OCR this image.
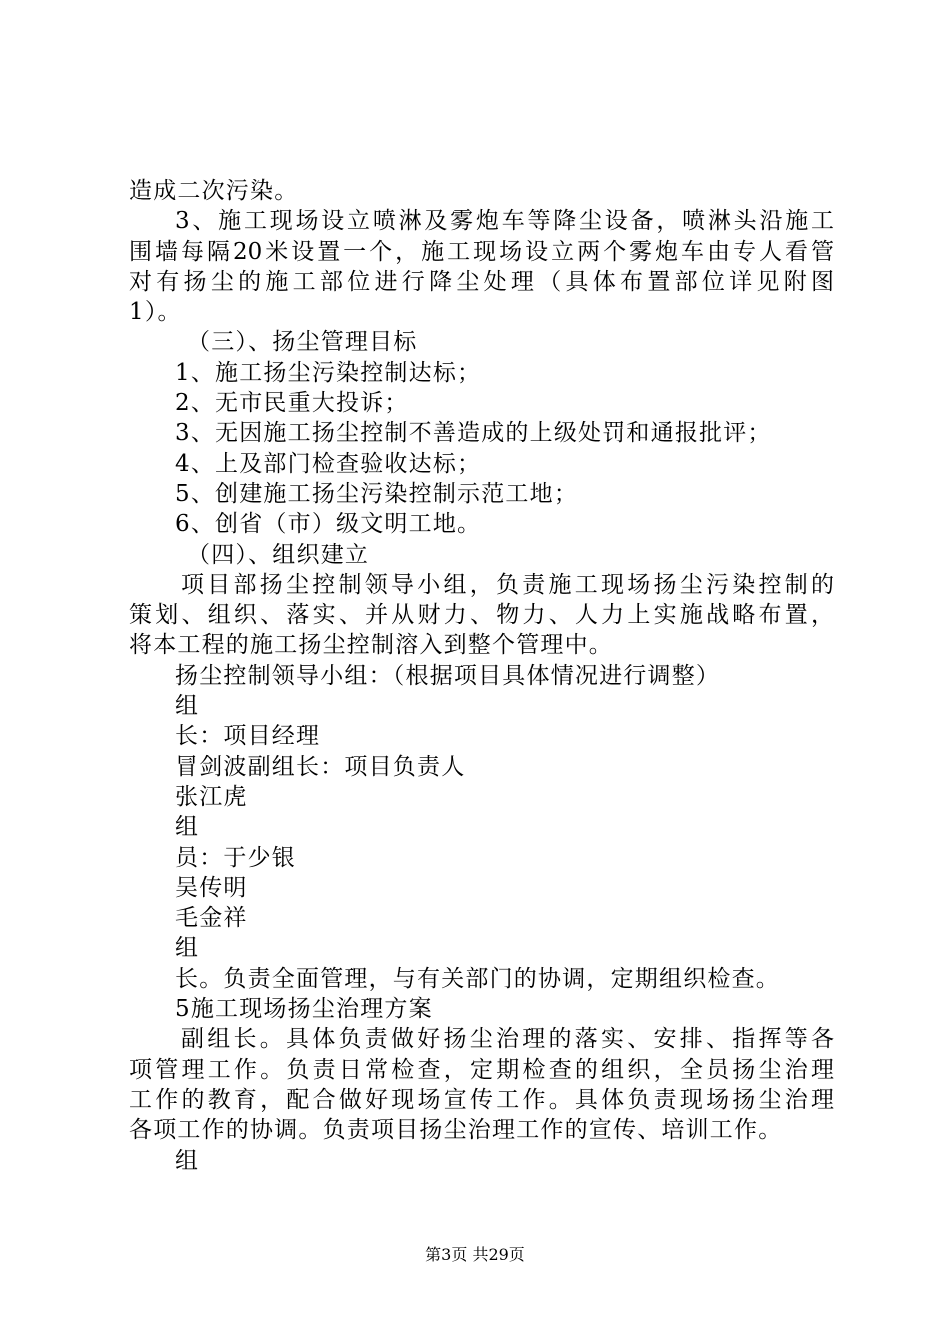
造成二次污染。
3、施工现场设立喷淋及雾炮车等降尘设备，喷淋头沿施工
围墙每隔20米设置一个，施工现场设立两个雾炮车由专人看管
对有扬尘的施工部位进行降尘处理（具体布置部位详见附图
1）。
（三）、扬尘管理目标
1、施工扬尘污染控制达标；
2、无市民重大投诉；
3、无因施工扬尘控制不善造成的上级处罚和通报批评；
4、上及部门检查验收达标；
5、创建施工扬尘污染控制示范工地；
6、创省（市）级文明工地。
（四）、组织建立
项目部扬尘控制领导小组，负责施工现场扬尘污染控制的
策划、组织、落实、并从财力、物力、人力上实施战略布置，
将本工程的施工扬尘控制溶入到整个管理中。
扬尘控制领导小组：（根据项目具体情况进行调整）
组
长：项目经理
冒剑波副组长：项目负责人
张江虎
组
员：于少银
吴传明
毛金祥
组
长。负责全面管理，与有关部门的协调，定期组织检查。
5施工现场扬尘治理方案
副组长。具体负责做好扬尘治理的落实、安排、指挥等各
项管理工作。负责日常检查，定期检查的组织，全员扬尘治理
工作的教育，配合做好现场宣传工作。具体负责现场扬尘治理
各项工作的协调。负责项目扬尘治理工作的宣传、培训工作。
组
第3页 共29页
